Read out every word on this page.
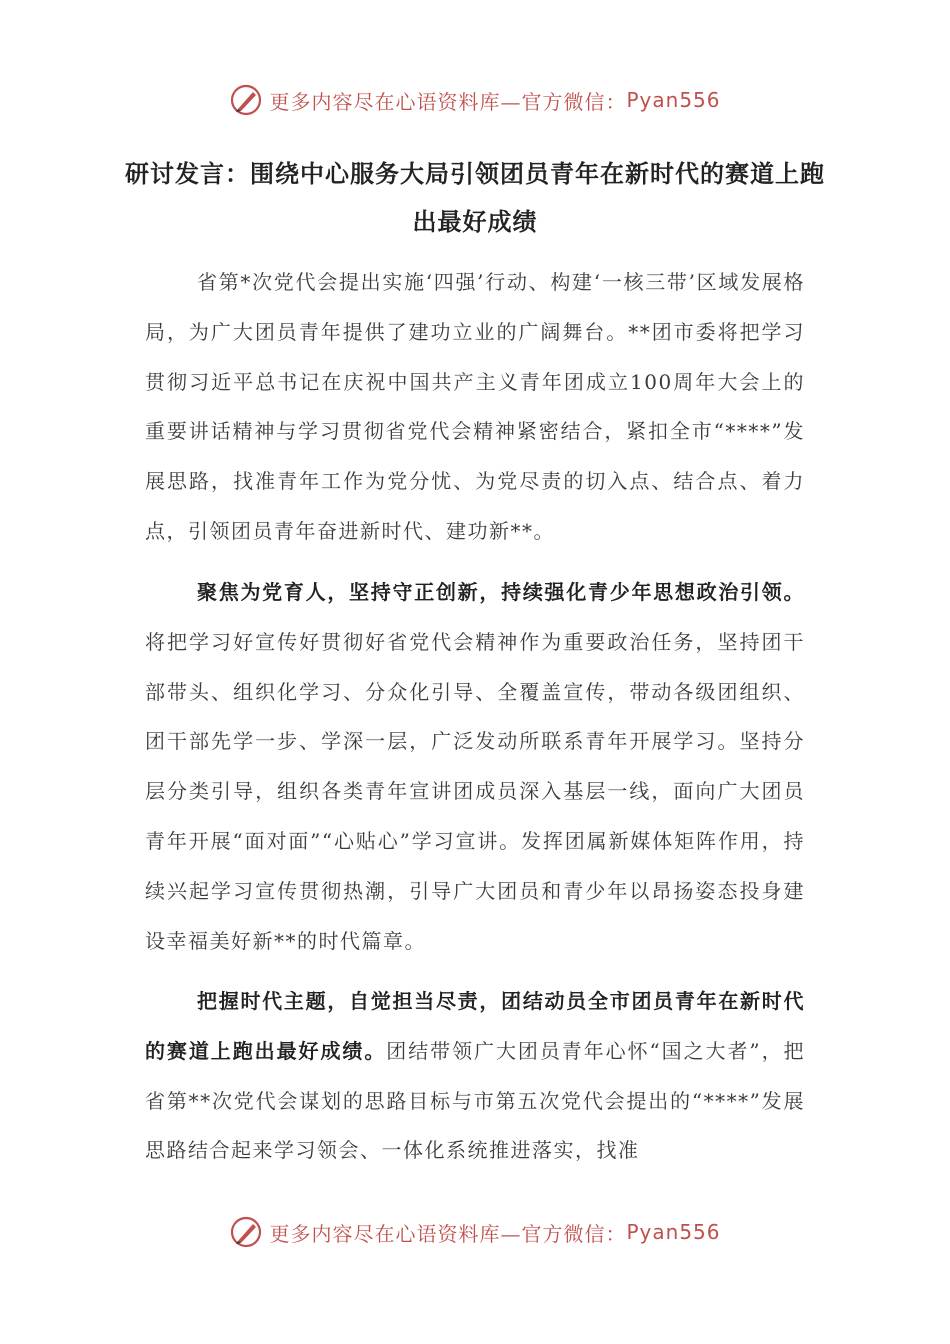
更多内容尽在心语资料库—官方微信： Pyan556
研讨发言：围绕中心服务大局引领团员青年在新时代的赛道上跑出最好成绩

省第*次党代会提出实施‘四强’行动、构建‘一核三带’区域发展格局，为广大团员青年提供了建功立业的广阔舞台。**团市委将把学习贯彻习近平总书记在庆祝中国共产主义青年团成立100周年大会上的重要讲话精神与学习贯彻省党代会精神紧密结合，紧扣全市“****”发展思路，找准青年工作为党分忧、为党尽责的切入点、结合点、着力点，引领团员青年奋进新时代、建功新**。

聚焦为党育人，坚持守正创新，持续强化青少年思想政治引领。将把学习好宣传好贯彻好省党代会精神作为重要政治任务，坚持团干部带头、组织化学习、分众化引导、全覆盖宣传，带动各级团组织、团干部先学一步、学深一层，广泛发动所联系青年开展学习。坚持分层分类引导，组织各类青年宣讲团成员深入基层一线，面向广大团员青年开展“面对面”“心贴心”学习宣讲。发挥团属新媒体矩阵作用，持续兴起学习宣传贯彻热潮，引导广大团员和青少年以昂扬姿态投身建设幸福美好新**的时代篇章。

把握时代主题，自觉担当尽责，团结动员全市团员青年在新时代的赛道上跑出最好成绩。团结带领广大团员青年心怀“国之大者”，把省第**次党代会谋划的思路目标与市第五次党代会提出的“****”发展思路结合起来学习领会、一体化系统推进落实，找准

更多内容尽在心语资料库—官方微信： Pyan556
